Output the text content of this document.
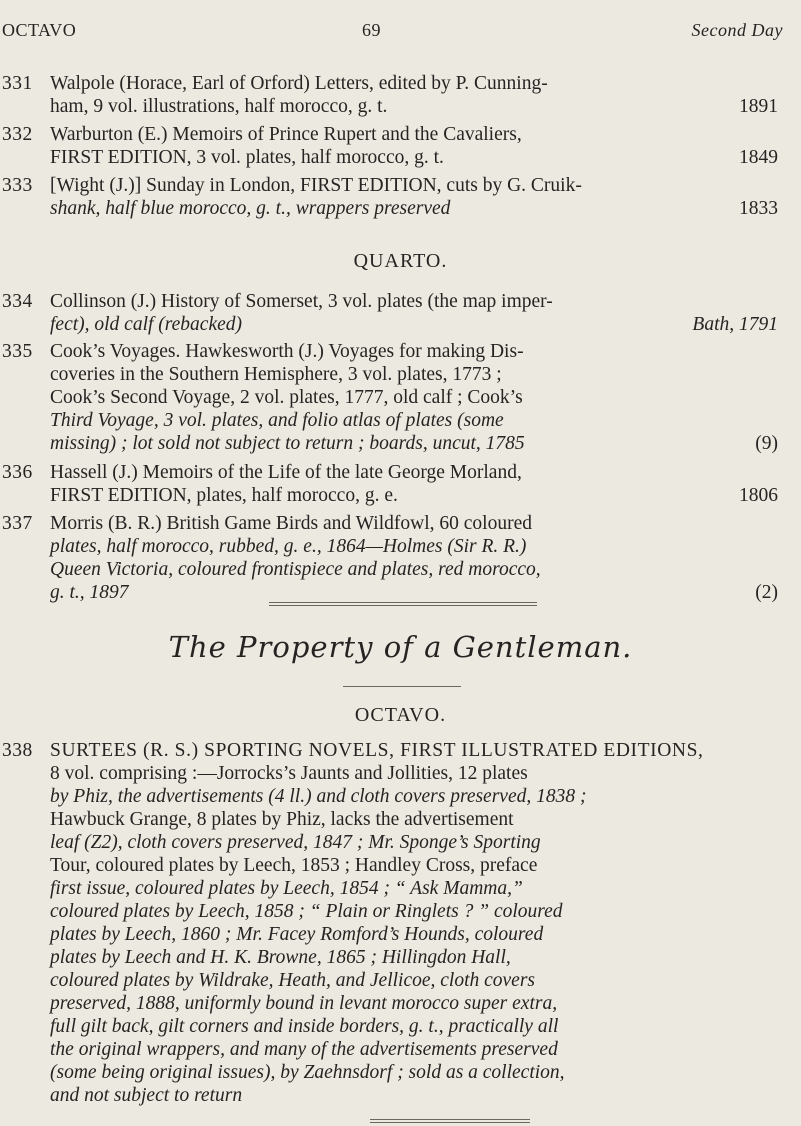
OCTAVO	69	Second Day
331 Walpole (Horace, Earl of Orford) Letters, edited by P. Cunning-
ham, 9 vol. illustrations, half morocco, g. t.	1891
332 Warburton (E.) Memoirs of Prince Rupert and the Cavaliers,
FIRST EDITION, 3 vol. plates, half morocco, g. t.	1849
333 [Wight (J.)] Sunday in London, FIRST EDITION, cuts by G. Cruik-
shank, half blue morocco, g. t., wrappers preserved	1833
QUARTO.
334 Collinson (J.) History of Somerset, 3 vol. plates (the map imper-
fect), old calf (rebacked)	Bath, 1791
335 Cook’s Voyages. Hawkesworth (J.) Voyages for making Dis-
coveries in the Southern Hemisphere, 3 vol. plates, 1773 ;
Cook’s Second Voyage, 2 vol. plates, 1777, old calf ; Cook’s
Third Voyage, 3 vol. plates, and folio atlas of plates (some
missing) ; lot sold not subject to return ; boards, uncut, 1785	(9)
336 Hassell (J.) Memoirs of the Life of the late George Morland,
FIRST EDITION, plates, half morocco, g. e.	1806
337 Morris (B. R.) British Game Birds and Wildfowl, 60 coloured
plates, half morocco, rubbed, g. e., 1864—Holmes (Sir R. R.)
Queen Victoria, coloured frontispiece and plates, red morocco,
g. t., 1897	(2)
The Property of a Gentleman.
OCTAVO.
338 SURTEES (R. S.) SPORTING NOVELS, FIRST ILLUSTRATED EDITIONS,
8 vol. comprising :—Jorrocks’s Jaunts and Jollities, 12 plates
by Phiz, the advertisements (4 ll.) and cloth covers preserved, 1838 ;
Hawbuck Grange, 8 plates by Phiz, lacks the advertisement
leaf (Z2), cloth covers preserved, 1847 ; Mr. Sponge’s Sporting
Tour, coloured plates by Leech, 1853 ; Handley Cross, preface
first issue, coloured plates by Leech, 1854 ; “ Ask Mamma,”
coloured plates by Leech, 1858 ; “ Plain or Ringlets ? ” coloured
plates by Leech, 1860 ; Mr. Facey Romford’s Hounds, coloured
plates by Leech and H. K. Browne, 1865 ; Hillingdon Hall,
coloured plates by Wildrake, Heath, and Jellicoe, cloth covers
preserved, 1888, uniformly bound in levant morocco super extra,
full gilt back, gilt corners and inside borders, g. t., practically all
the original wrappers, and many of the advertisements preserved
(some being original issues), by Zaehnsdorf ; sold as a collection,
and not subject to return
